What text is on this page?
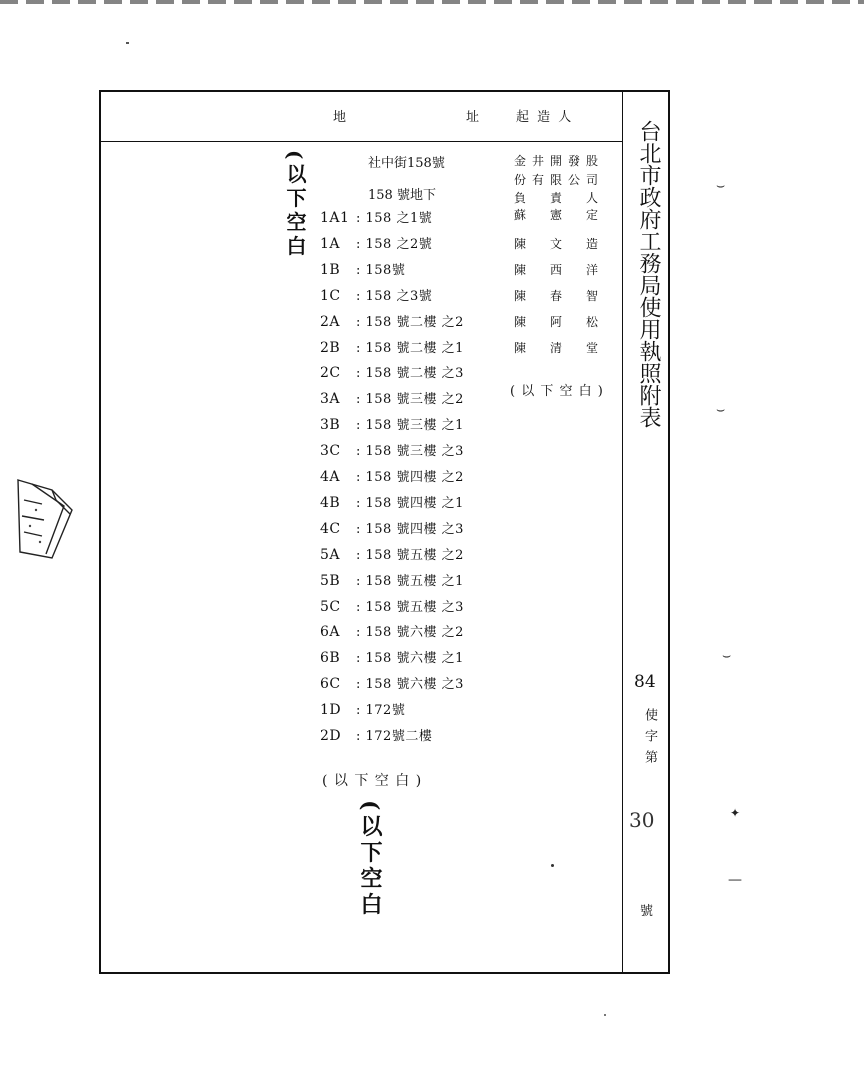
地	址	起 造 人
台北市政府工務局使用執照附表
84
使字第
30
號
社中街158號
158 號地下
1A1 : 158 之1號
1A : 158 之2號
1B : 158號
1C : 158 之3號
2A : 158 號二樓 之2
2B : 158 號二樓 之1
2C : 158 號二樓 之3
3A : 158 號三樓 之2
3B : 158 號三樓 之1
3C : 158 號三樓 之3
4A : 158 號四樓 之2
4B : 158 號四樓 之1
4C : 158 號四樓 之3
5A : 158 號五樓 之2
5B : 158 號五樓 之1
5C : 158 號五樓 之3
6A : 158 號六樓 之2
6B : 158 號六樓 之1
6C : 158 號六樓 之3
1D : 172號
2D : 172號二樓
( 以 下 空 白 )
金井開發股
份有限公司
負 責 人
蘇 憲 定
陳 文 造
陳 西 洋
陳 春 智
陳 阿 松
陳 清 堂
( 以 下 空 白 )
(以下空白
(以下空白
⌣
⌣
⌣
—
✦
